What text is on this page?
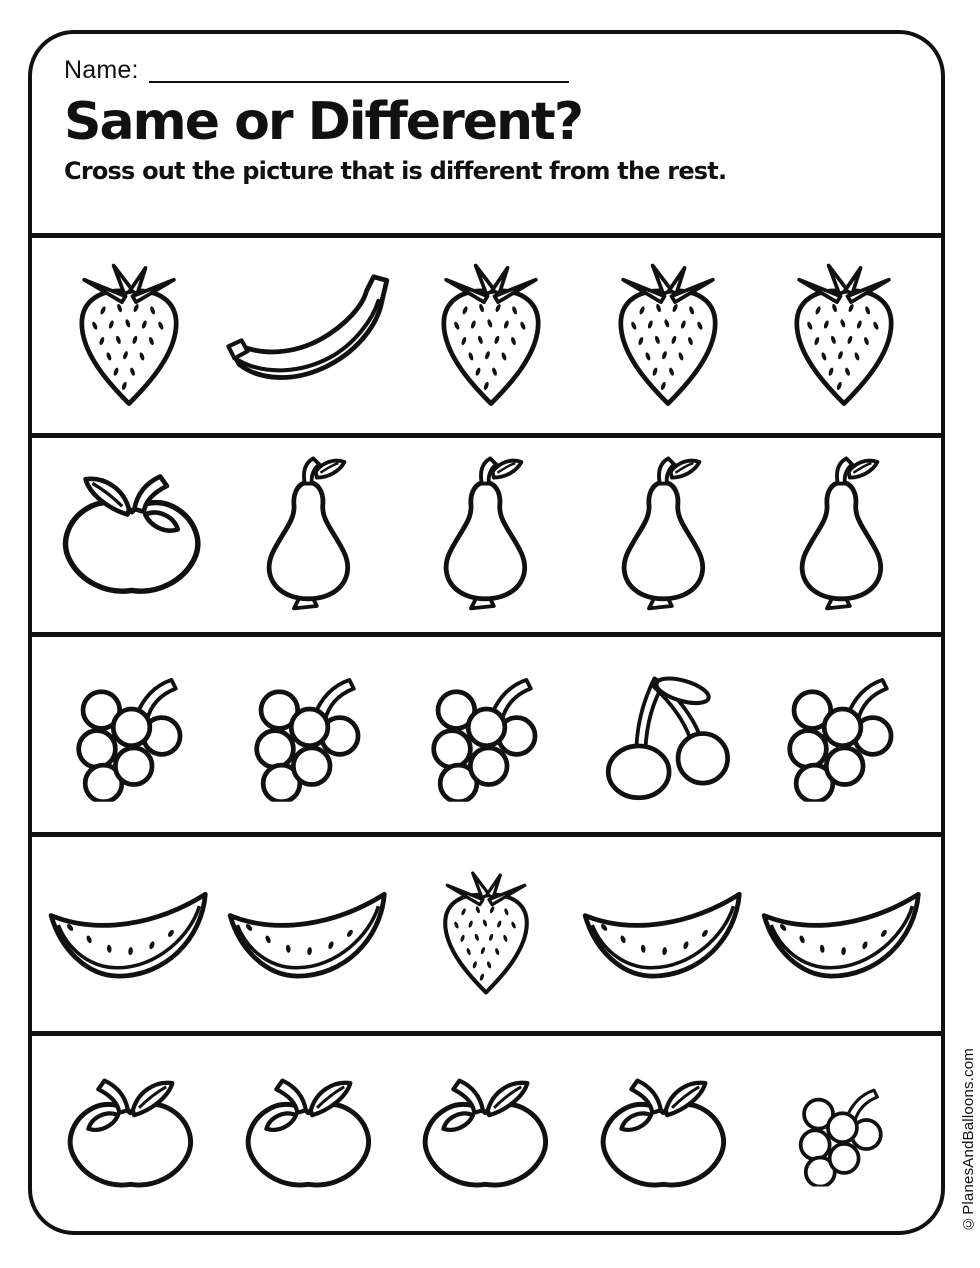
Name:
Same or Different?

Cross out the picture that is different from the rest.

©PlanesAndBalloons.com
